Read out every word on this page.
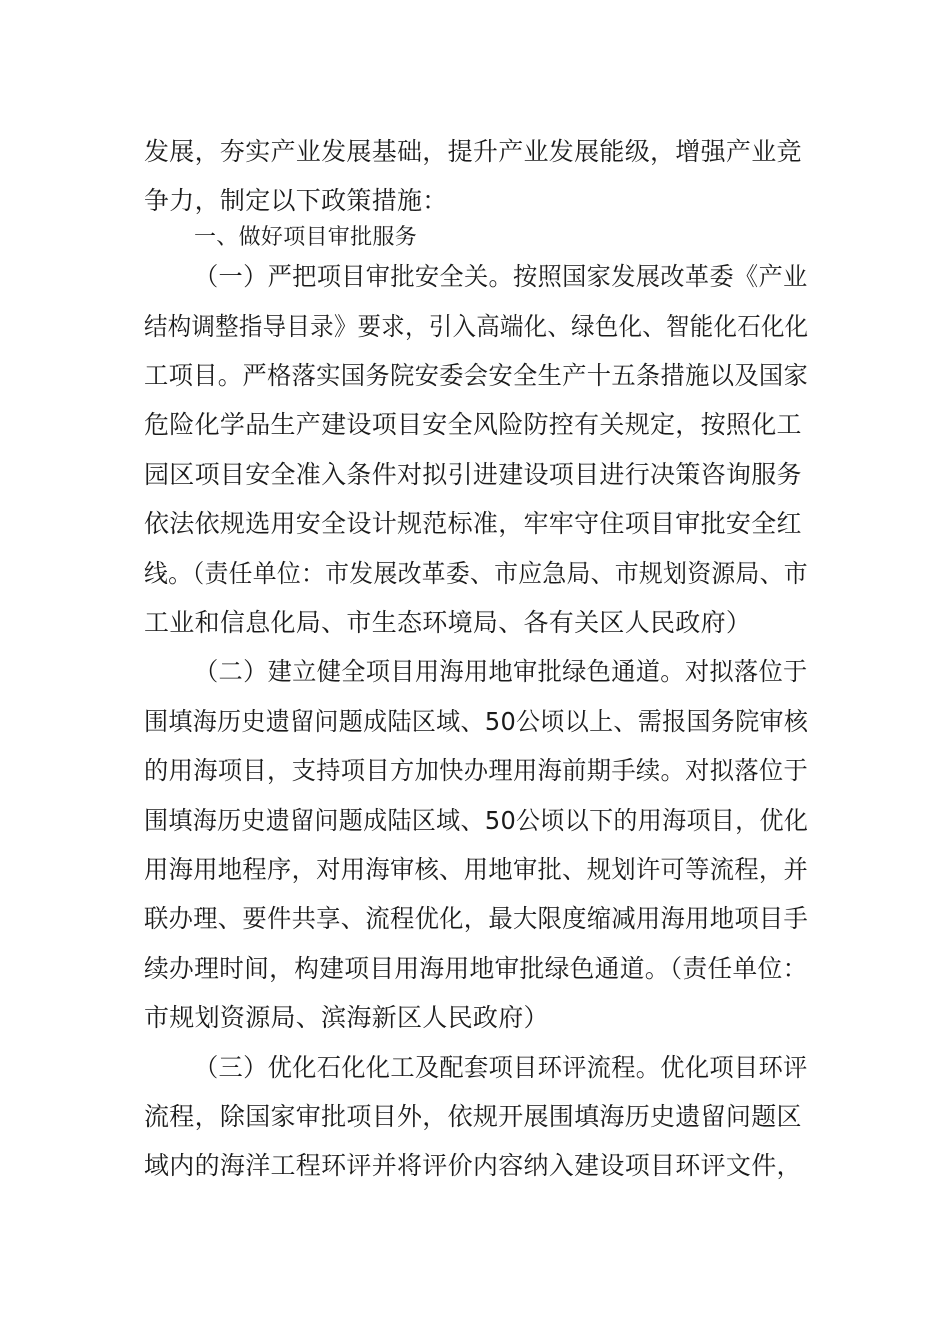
发展，夯实产业发展基础，提升产业发展能级，增强产业竞
争力，制定以下政策措施：
一、做好项目审批服务
（一）严把项目审批安全关。按照国家发展改革委《产业
结构调整指导目录》要求，引入高端化、绿色化、智能化石化化
工项目。严格落实国务院安委会安全生产十五条措施以及国家
危险化学品生产建设项目安全风险防控有关规定，按照化工
园区项目安全准入条件对拟引进建设项目进行决策咨询服务
依法依规选用安全设计规范标准，牢牢守住项目审批安全红
线。（责任单位：市发展改革委、市应急局、市规划资源局、市
工业和信息化局、市生态环境局、各有关区人民政府）
（二）建立健全项目用海用地审批绿色通道。对拟落位于
围填海历史遗留问题成陆区域、50公顷以上、需报国务院审核
的用海项目，支持项目方加快办理用海前期手续。对拟落位于
围填海历史遗留问题成陆区域、50公顷以下的用海项目，优化
用海用地程序，对用海审核、用地审批、规划许可等流程，并
联办理、要件共享、流程优化，最大限度缩减用海用地项目手
续办理时间，构建项目用海用地审批绿色通道。（责任单位：
市规划资源局、滨海新区人民政府）
（三）优化石化化工及配套项目环评流程。优化项目环评
流程，除国家审批项目外，依规开展围填海历史遗留问题区
域内的海洋工程环评并将评价内容纳入建设项目环评文件，
